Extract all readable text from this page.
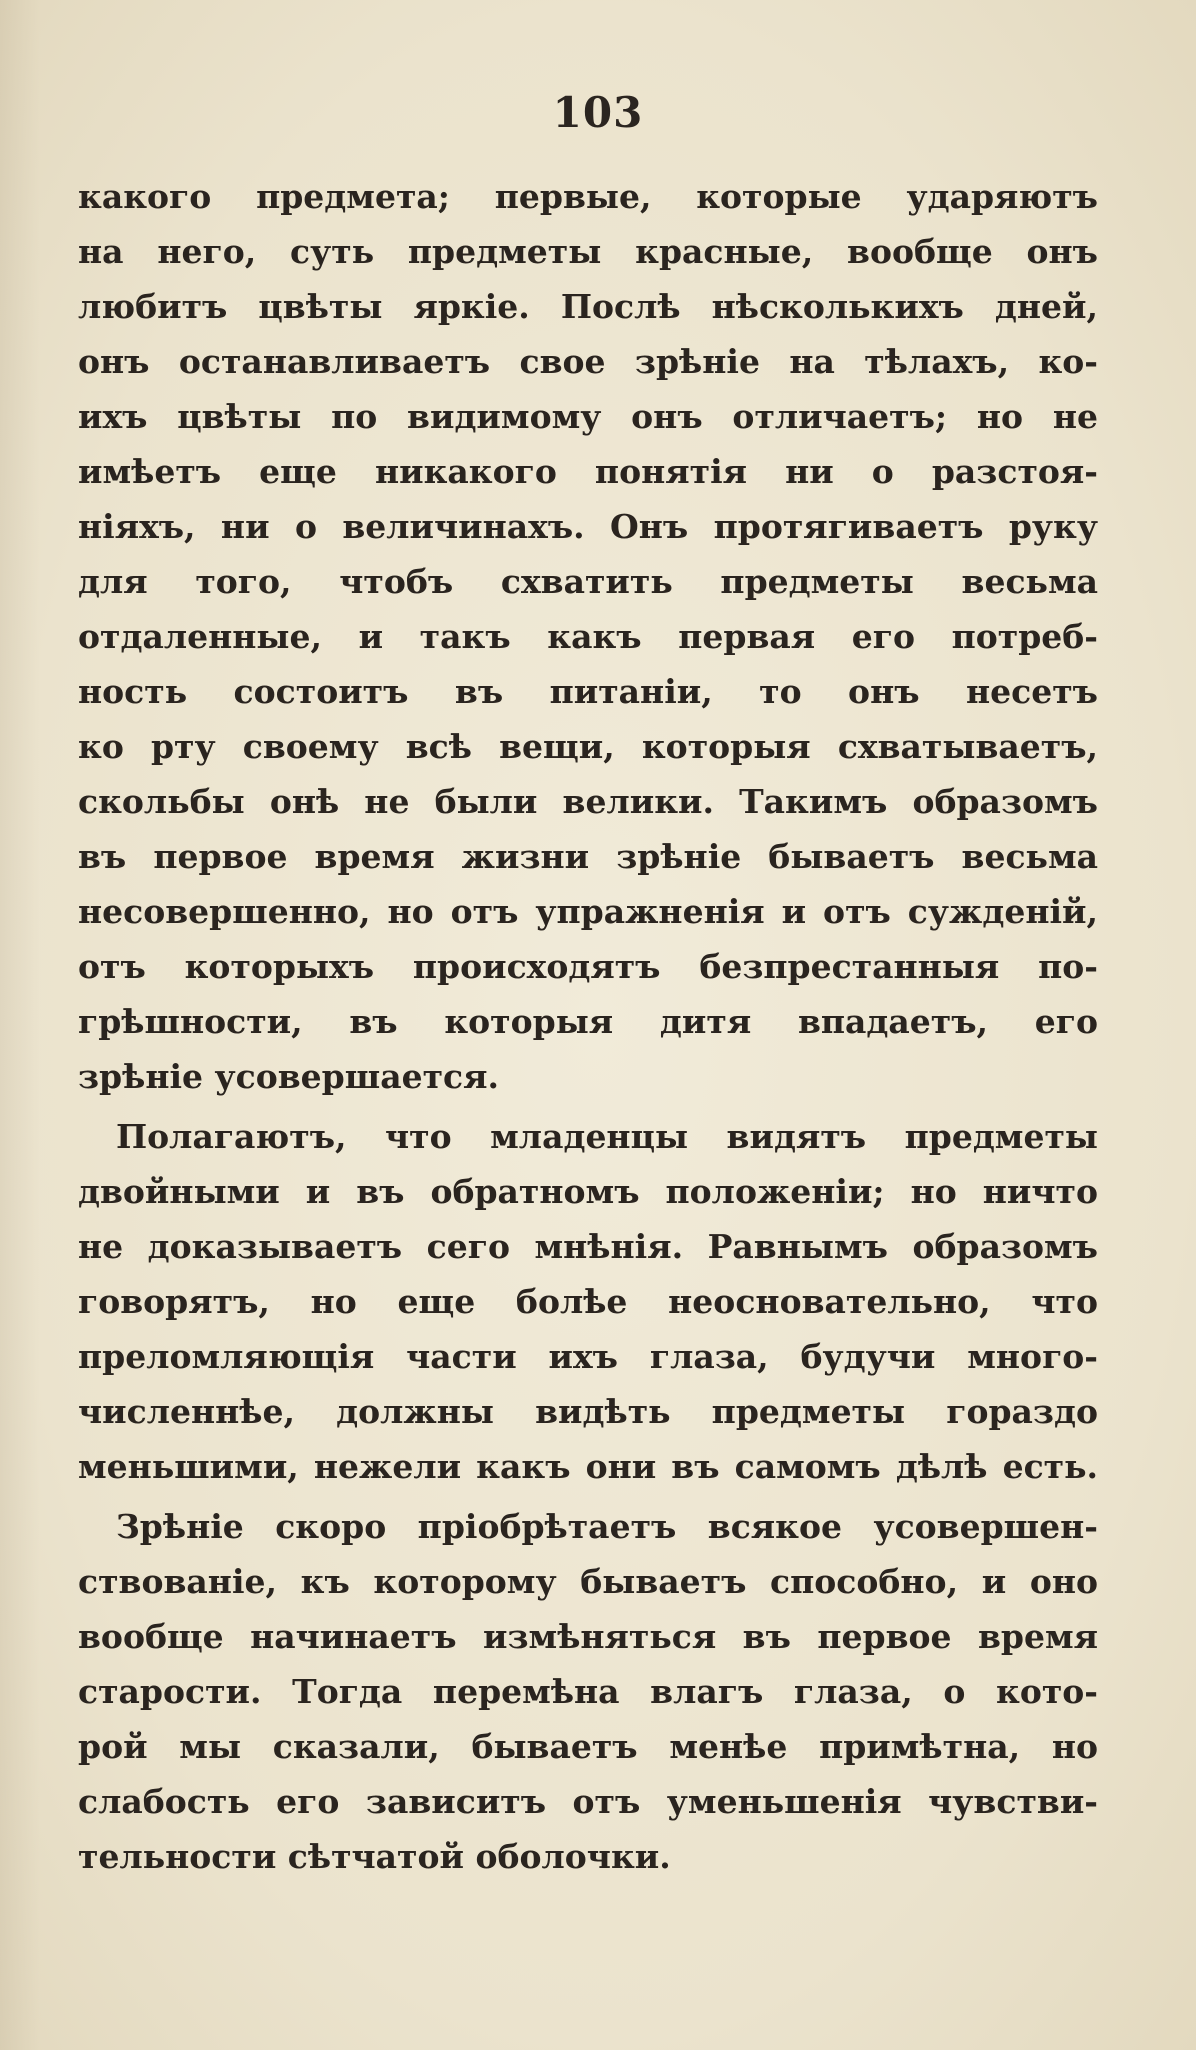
103
какого предмета; первые, которые ударяютъ
на него, суть предметы красные, вообще онъ
любитъ цвѣты яркіе. Послѣ нѣсколькихъ дней,
онъ останавливаетъ свое зрѣніе на тѣлахъ, ко-
ихъ цвѣты по видимому онъ отличаетъ; но не
имѣетъ еще никакого понятія ни о разстоя-
ніяхъ, ни о величинахъ. Онъ протягиваетъ руку
для того, чтобъ схватить предметы весьма
отдаленные, и такъ какъ первая его потреб-
ность состоитъ въ питаніи, то онъ несетъ
ко рту своему всѣ вещи, которыя схватываетъ,
скольбы онѣ не были велики. Такимъ образомъ
въ первое время жизни зрѣніе бываетъ весьма
несовершенно, но отъ упражненія и отъ сужденій,
отъ которыхъ происходятъ безпрестанныя по-
грѣшности, въ которыя дитя впадаетъ, его
зрѣніе усовершается.
Полагаютъ, что младенцы видятъ предметы
двойными и въ обратномъ положеніи; но ничто
не доказываетъ сего мнѣнія. Равнымъ образомъ
говорятъ, но еще болѣе неосновательно, что
преломляющія части ихъ глаза, будучи много-
численнѣе, должны видѣть предметы гораздо
меньшими, нежели какъ они въ самомъ дѣлѣ есть.
Зрѣніе скоро пріобрѣтаетъ всякое усовершен-
ствованіе, къ которому бываетъ способно, и оно
вообще начинаетъ измѣняться въ первое время
старости. Тогда перемѣна влагъ глаза, о кото-
рой мы сказали, бываетъ менѣе примѣтна, но
слабость его зависитъ отъ уменьшенія чувстви-
тельности сѣтчатой оболочки.
